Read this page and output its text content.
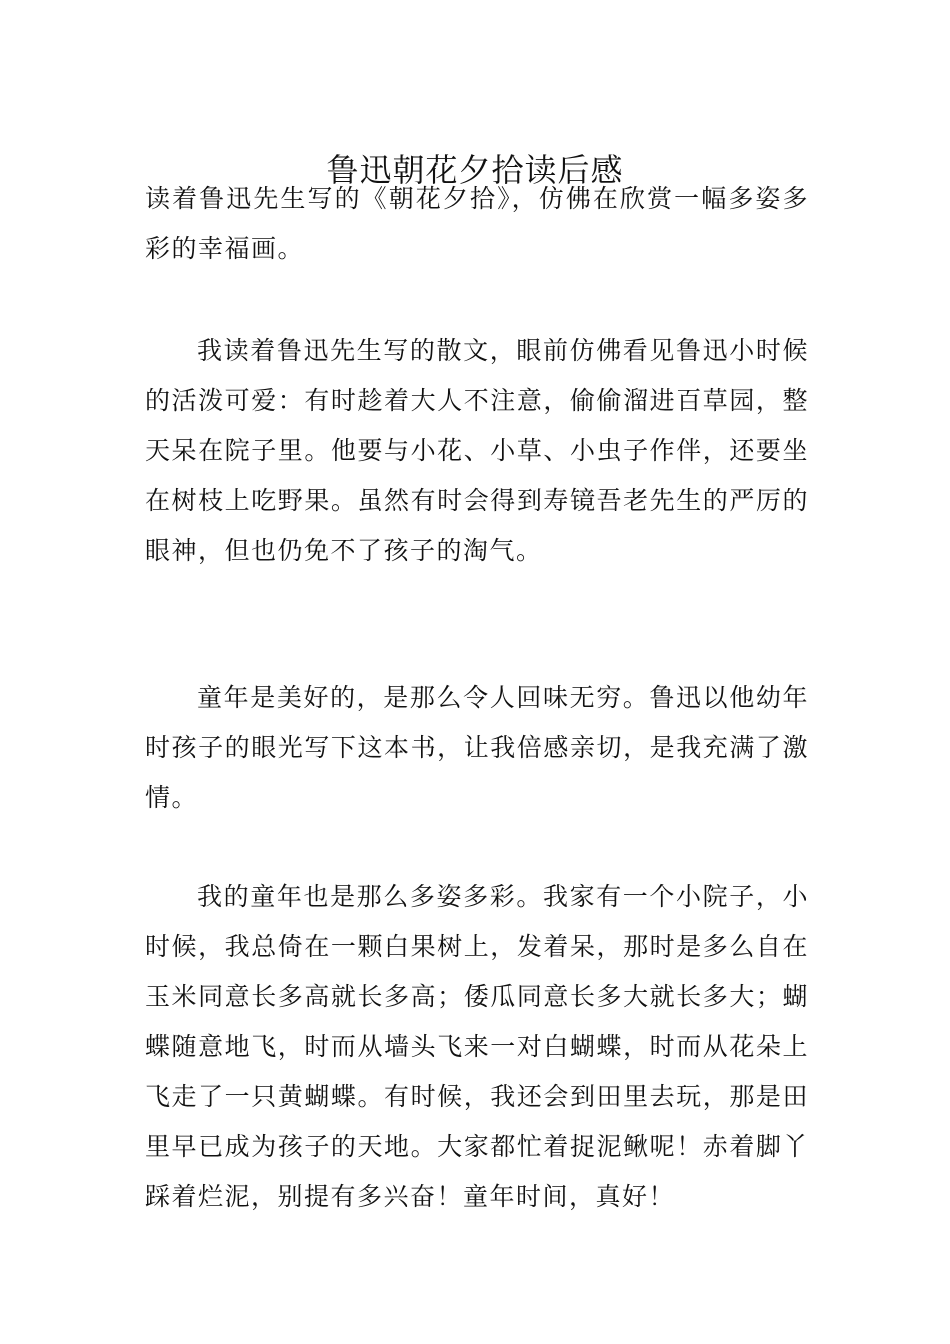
鲁迅朝花夕拾读后感

读着鲁迅先生写的《朝花夕拾》，仿佛在欣赏一幅多姿多彩的幸福画。

我读着鲁迅先生写的散文，眼前仿佛看见鲁迅小时候的活泼可爱：有时趁着大人不注意，偷偷溜进百草园，整天呆在院子里。他要与小花、小草、小虫子作伴，还要坐在树枝上吃野果。虽然有时会得到寿镜吾老先生的严厉的眼神，但也仍免不了孩子的淘气。

童年是美好的，是那么令人回味无穷。鲁迅以他幼年时孩子的眼光写下这本书，让我倍感亲切，是我充满了激情。

我的童年也是那么多姿多彩。我家有一个小院子，小时候，我总倚在一颗白果树上，发着呆，那时是多么自在玉米同意长多高就长多高；倭瓜同意长多大就长多大；蝴蝶随意地飞，时而从墙头飞来一对白蝴蝶，时而从花朵上飞走了一只黄蝴蝶。有时候，我还会到田里去玩，那是田里早已成为孩子的天地。大家都忙着捉泥鳅呢！赤着脚丫踩着烂泥，别提有多兴奋！童年时间，真好！
